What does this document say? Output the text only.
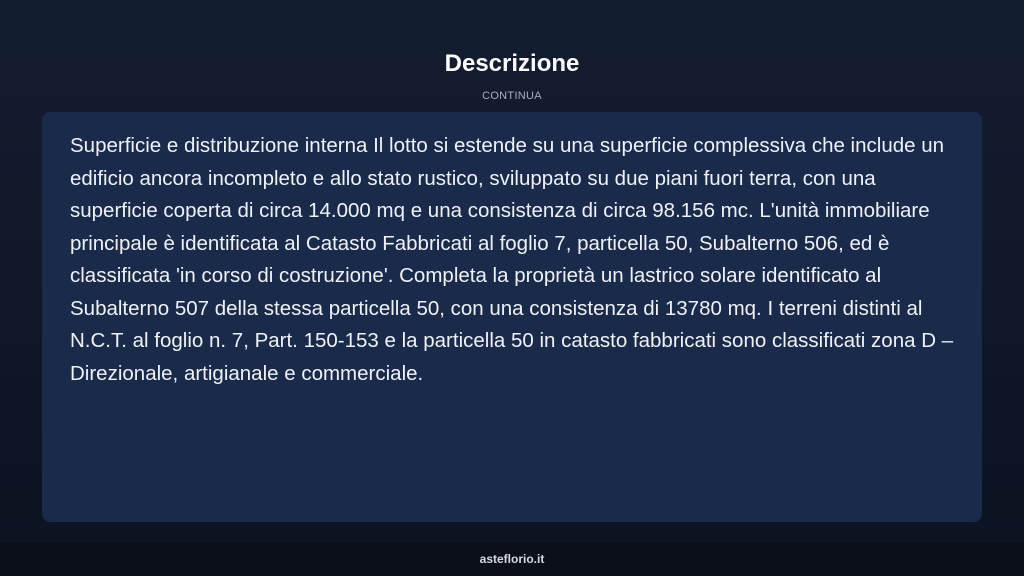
Descrizione
CONTINUA

Superficie e distribuzione interna Il lotto si estende su una superficie complessiva che include un edificio ancora incompleto e allo stato rustico, sviluppato su due piani fuori terra, con una superficie coperta di circa 14.000 mq e una consistenza di circa 98.156 mc. L'unità immobiliare principale è identificata al Catasto Fabbricati al foglio 7, particella 50, Subalterno 506, ed è classificata 'in corso di costruzione'. Completa la proprietà un lastrico solare identificato al Subalterno 507 della stessa particella 50, con una consistenza di 13780 mq. I terreni distinti al N.C.T. al foglio n. 7, Part. 150-153 e la particella 50 in catasto fabbricati sono classificati zona D – Direzionale, artigianale e commerciale.

asteflorio.it
